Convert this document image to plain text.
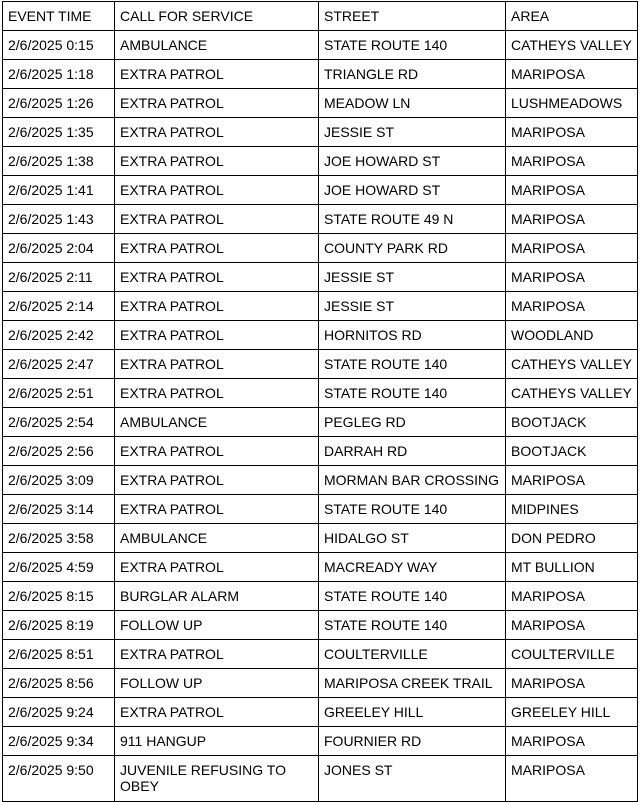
EVENT TIME	CALL FOR SERVICE	STREET	AREA
2/6/2025 0:15	AMBULANCE	STATE ROUTE 140	CATHEYS VALLEY
2/6/2025 1:18	EXTRA PATROL	TRIANGLE RD	MARIPOSA
2/6/2025 1:26	EXTRA PATROL	MEADOW LN	LUSHMEADOWS
2/6/2025 1:35	EXTRA PATROL	JESSIE ST	MARIPOSA
2/6/2025 1:38	EXTRA PATROL	JOE HOWARD ST	MARIPOSA
2/6/2025 1:41	EXTRA PATROL	JOE HOWARD ST	MARIPOSA
2/6/2025 1:43	EXTRA PATROL	STATE ROUTE 49 N	MARIPOSA
2/6/2025 2:04	EXTRA PATROL	COUNTY PARK RD	MARIPOSA
2/6/2025 2:11	EXTRA PATROL	JESSIE ST	MARIPOSA
2/6/2025 2:14	EXTRA PATROL	JESSIE ST	MARIPOSA
2/6/2025 2:42	EXTRA PATROL	HORNITOS RD	WOODLAND
2/6/2025 2:47	EXTRA PATROL	STATE ROUTE 140	CATHEYS VALLEY
2/6/2025 2:51	EXTRA PATROL	STATE ROUTE 140	CATHEYS VALLEY
2/6/2025 2:54	AMBULANCE	PEGLEG RD	BOOTJACK
2/6/2025 2:56	EXTRA PATROL	DARRAH RD	BOOTJACK
2/6/2025 3:09	EXTRA PATROL	MORMAN BAR CROSSING	MARIPOSA
2/6/2025 3:14	EXTRA PATROL	STATE ROUTE 140	MIDPINES
2/6/2025 3:58	AMBULANCE	HIDALGO ST	DON PEDRO
2/6/2025 4:59	EXTRA PATROL	MACREADY WAY	MT BULLION
2/6/2025 8:15	BURGLAR ALARM	STATE ROUTE 140	MARIPOSA
2/6/2025 8:19	FOLLOW UP	STATE ROUTE 140	MARIPOSA
2/6/2025 8:51	EXTRA PATROL	COULTERVILLE	COULTERVILLE
2/6/2025 8:56	FOLLOW UP	MARIPOSA CREEK TRAIL	MARIPOSA
2/6/2025 9:24	EXTRA PATROL	GREELEY HILL	GREELEY HILL
2/6/2025 9:34	911 HANGUP	FOURNIER RD	MARIPOSA
2/6/2025 9:50	JUVENILE REFUSING TO OBEY	JONES ST	MARIPOSA
